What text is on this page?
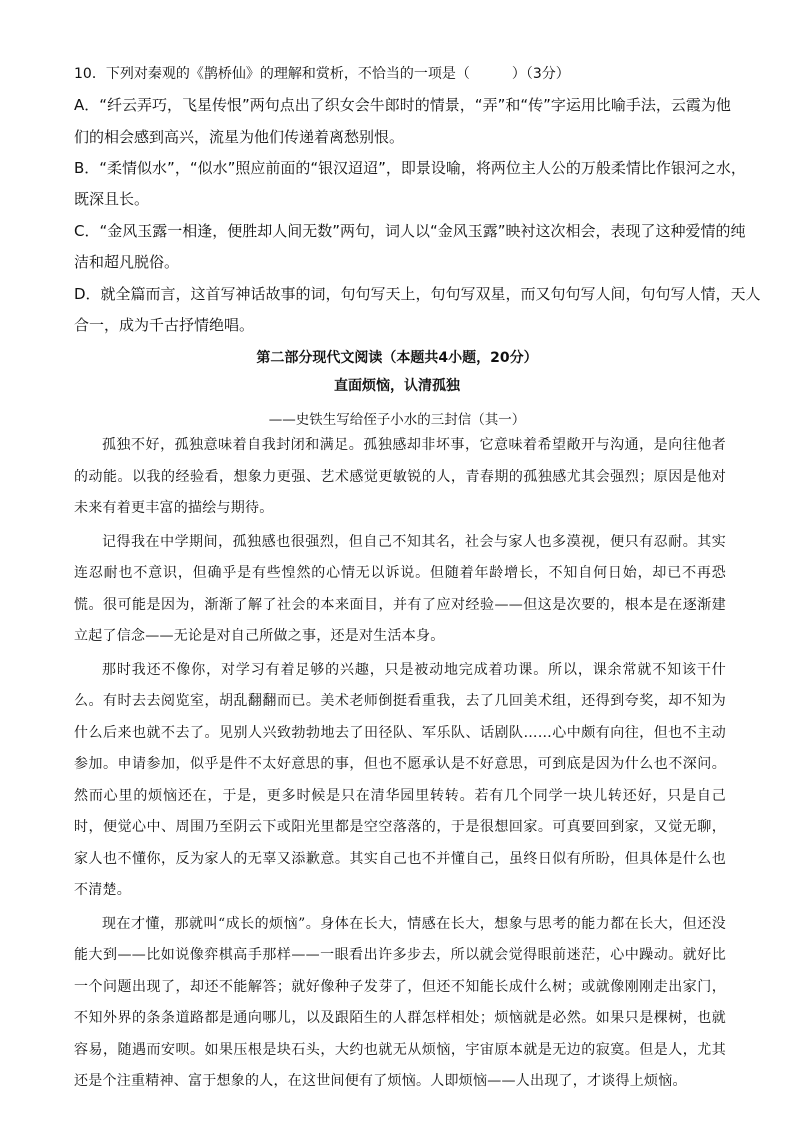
10．下列对秦观的《鹊桥仙》的理解和赏析，不恰当的一项是（　　　）（3分）
A．“纤云弄巧，飞星传恨”两句点出了织女会牛郎时的情景，“弄”和“传”字运用比喻手法，云霞为他
们的相会感到高兴，流星为他们传递着离愁别恨。
B．“柔情似水”，“似水”照应前面的“银汉迢迢”，即景设喻，将两位主人公的万般柔情比作银河之水，
既深且长。
C．“金风玉露一相逢，便胜却人间无数”两句，词人以“金风玉露”映衬这次相会，表现了这种爱情的纯
洁和超凡脱俗。
D．就全篇而言，这首写神话故事的词，句句写天上，句句写双星，而又句句写人间，句句写人情，天人
合一，成为千古抒情绝唱。
第二部分现代文阅读（本题共4小题，20分）
直面烦恼，认清孤独
——史铁生写给侄子小水的三封信（其一）

孤独不好，孤独意味着自我封闭和满足。孤独感却非坏事，它意味着希望敞开与沟通，是向往他者的动能。以我的经验看，想象力更强、艺术感觉更敏锐的人，青春期的孤独感尤其会强烈；原因是他对未来有着更丰富的描绘与期待。

记得我在中学期间，孤独感也很强烈，但自己不知其名，社会与家人也多漠视，便只有忍耐。其实连忍耐也不意识，但确乎是有些惶然的心情无以诉说。但随着年龄增长，不知自何日始，却已不再恐慌。很可能是因为，渐渐了解了社会的本来面目，并有了应对经验——但这是次要的，根本是在逐渐建立起了信念——无论是对自己所做之事，还是对生活本身。

那时我还不像你，对学习有着足够的兴趣，只是被动地完成着功课。所以，课余常就不知该干什么。有时去去阅览室，胡乱翻翻而已。美术老师倒挺看重我，去了几回美术组，还得到夸奖，却不知为什么后来也就不去了。见别人兴致勃勃地去了田径队、军乐队、话剧队……心中颇有向往，但也不主动参加。申请参加，似乎是件不太好意思的事，但也不愿承认是不好意思，可到底是因为什么也不深问。然而心里的烦恼还在，于是，更多时候是只在清华园里转转。若有几个同学一块儿转还好，只是自己时，便觉心中、周围乃至阴云下或阳光里都是空空落落的，于是很想回家。可真要回到家，又觉无聊，家人也不懂你，反为家人的无辜又添歉意。其实自己也不并懂自己，虽终日似有所盼，但具体是什么也不清楚。

现在才懂，那就叫“成长的烦恼”。身体在长大，情感在长大，想象与思考的能力都在长大，但还没能大到——比如说像弈棋高手那样——一眼看出许多步去，所以就会觉得眼前迷茫，心中躁动。就好比一个问题出现了，却还不能解答；就好像种子发芽了，但还不知能长成什么树；或就像刚刚走出家门，不知外界的条条道路都是通向哪儿，以及跟陌生的人群怎样相处；烦恼就是必然。如果只是棵树，也就容易，随遇而安呗。如果压根是块石头，大约也就无从烦恼，宇宙原本就是无边的寂寞。但是人，尤其还是个注重精神、富于想象的人，在这世间便有了烦恼。人即烦恼——人出现了，才谈得上烦恼。
